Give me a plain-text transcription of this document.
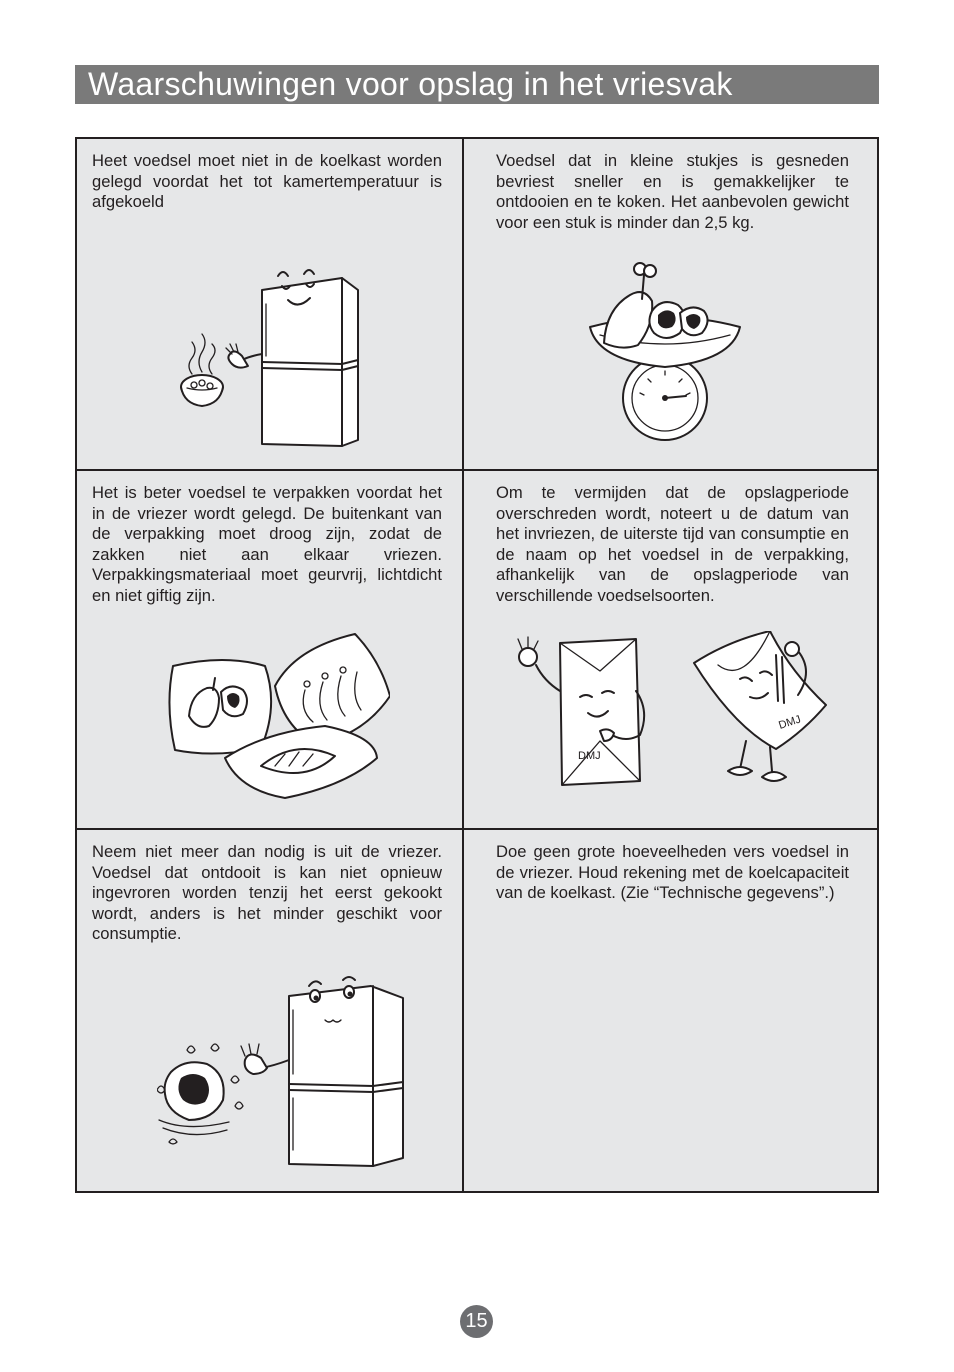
Waarschuwingen voor opslag in het vriesvak
Heet voedsel moet niet in de koelkast worden gelegd voordat het tot kamertemperatuur is afgekoeld
Voedsel dat in kleine stukjes is gesneden bevriest sneller en is gemakkelijker te ontdooien en te koken. Het aanbevolen gewicht voor een stuk is minder dan 2,5 kg.
Het is beter voedsel te verpakken voordat het in de vriezer wordt gelegd. De buitenkant van de verpakking moet droog zijn, zodat de zakken niet aan elkaar vriezen. Verpakkingsmateriaal moet geurvrij, lichtdicht en niet giftig zijn.
Om te vermijden dat de opslagperiode overschreden wordt, noteert u de datum van het invriezen, de uiterste tijd van consumptie en de naam op het voedsel in de verpakking, afhankelijk van de opslagperiode van verschillende voedselsoorten.
DMJ
DMJ
Neem niet meer dan nodig is uit de vriezer. Voedsel dat ontdooit is kan niet opnieuw ingevroren worden tenzij het eerst gekookt wordt, anders is het minder geschikt voor consumptie.
Doe geen grote hoeveelheden vers voedsel in de vriezer. Houd rekening met de koelcapaciteit van de koelkast. (Zie “Technische gegevens”.)
15
